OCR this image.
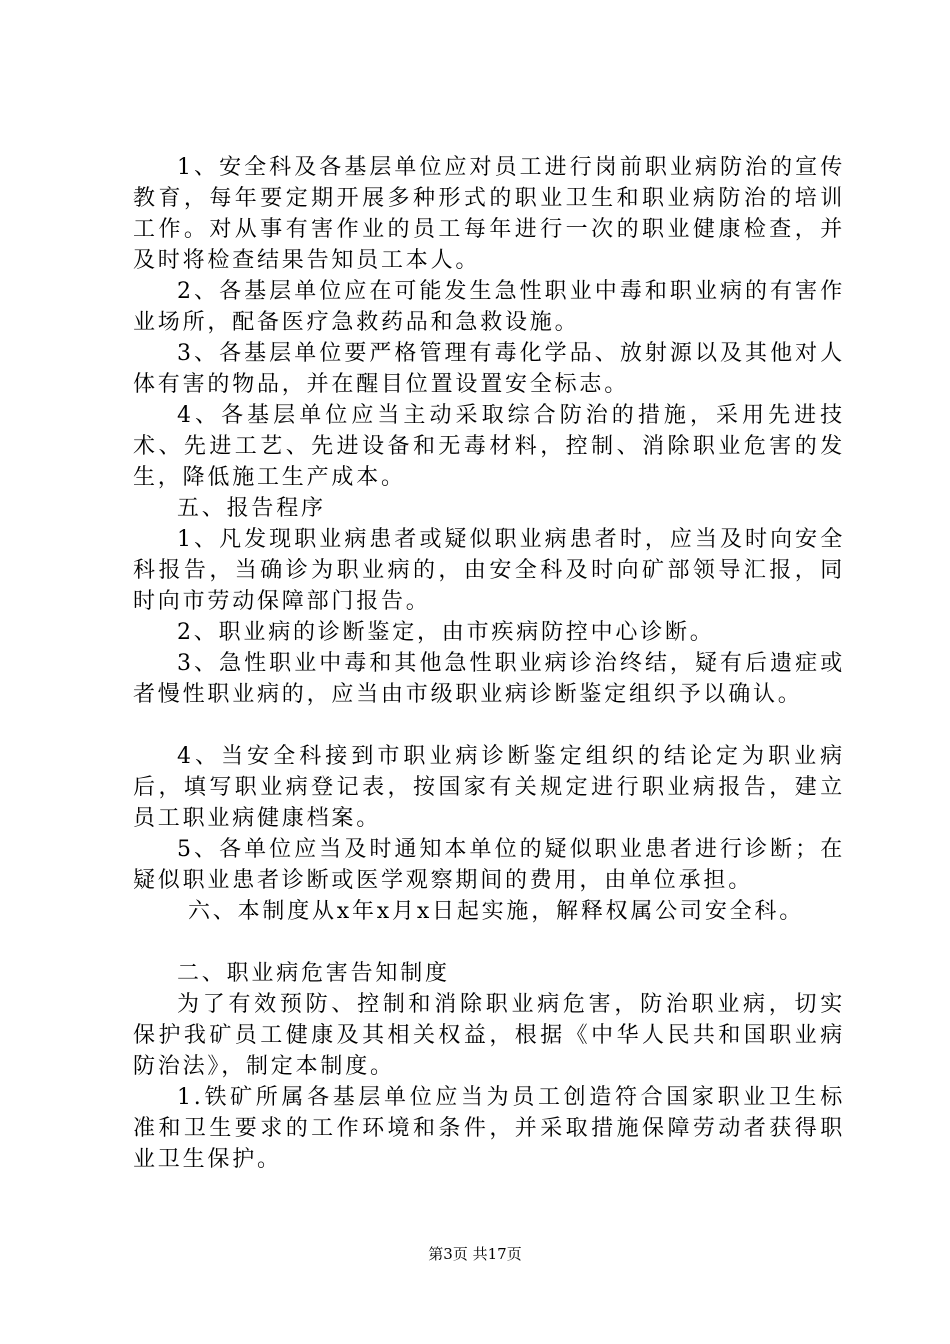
1、安全科及各基层单位应对员工进行岗前职业病防治的宣传教育，每年要定期开展多种形式的职业卫生和职业病防治的培训工作。对从事有害作业的员工每年进行一次的职业健康检查，并及时将检查结果告知员工本人。

2、各基层单位应在可能发生急性职业中毒和职业病的有害作业场所，配备医疗急救药品和急救设施。

3、各基层单位要严格管理有毒化学品、放射源以及其他对人体有害的物品，并在醒目位置设置安全标志。

4、各基层单位应当主动采取综合防治的措施，采用先进技术、先进工艺、先进设备和无毒材料，控制、消除职业危害的发生，降低施工生产成本。

五、报告程序

1、凡发现职业病患者或疑似职业病患者时，应当及时向安全科报告，当确诊为职业病的，由安全科及时向矿部领导汇报，同时向市劳动保障部门报告。

2、职业病的诊断鉴定，由市疾病防控中心诊断。

3、急性职业中毒和其他急性职业病诊治终结，疑有后遗症或者慢性职业病的，应当由市级职业病诊断鉴定组织予以确认。

4、当安全科接到市职业病诊断鉴定组织的结论定为职业病后，填写职业病登记表，按国家有关规定进行职业病报告，建立员工职业病健康档案。

5、各单位应当及时通知本单位的疑似职业患者进行诊断；在疑似职业患者诊断或医学观察期间的费用，由单位承担。

六、本制度从x年x月x日起实施，解释权属公司安全科。

二、职业病危害告知制度

为了有效预防、控制和消除职业病危害，防治职业病，切实保护我矿员工健康及其相关权益，根据《中华人民共和国职业病防治法》，制定本制度。

1.铁矿所属各基层单位应当为员工创造符合国家职业卫生标准和卫生要求的工作环境和条件，并采取措施保障劳动者获得职业卫生保护。

第3页 共17页
